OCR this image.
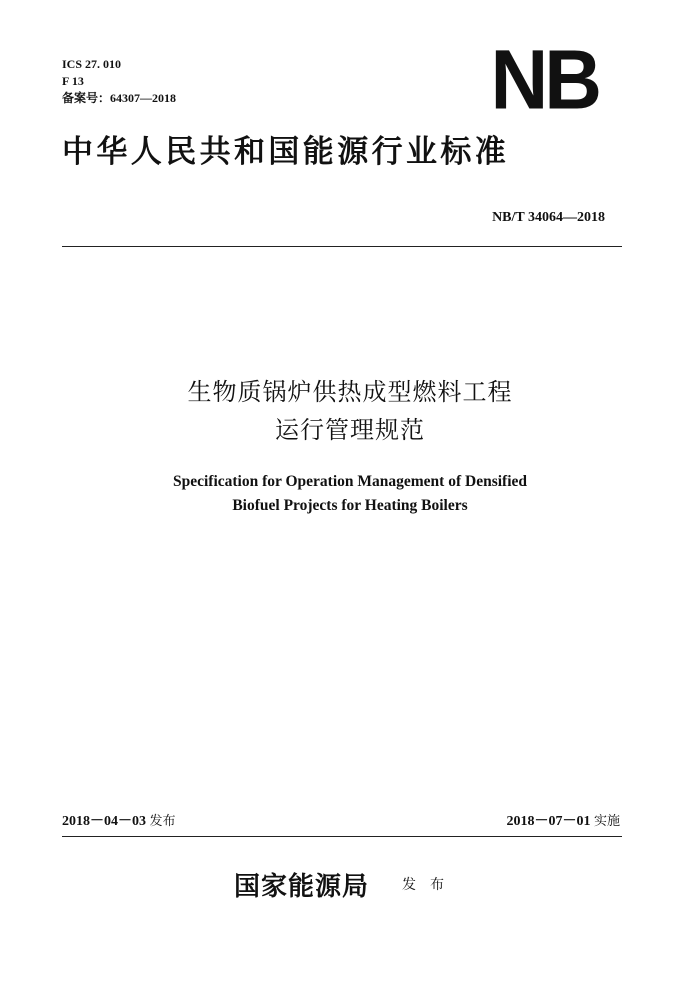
ICS 27. 010
F 13
备案号：64307—2018	NB
中华人民共和国能源行业标准
NB/T 34064—2018
生物质锅炉供热成型燃料工程
运行管理规范
Specification for Operation Management of Densified
Biofuel Projects for Heating Boilers
2018－04－03 发布	2018－07－01 实施
国家能源局 发布
